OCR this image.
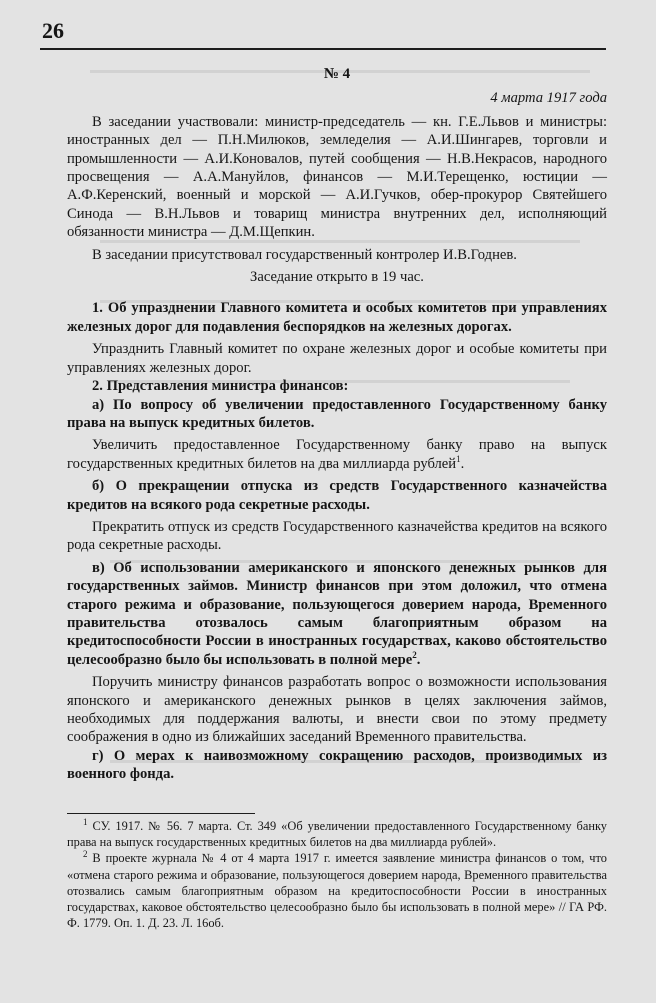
26

№ 4

4 марта 1917 года

В заседании участвовали: министр-председатель — кн. Г.Е.Львов и министры: иностранных дел — П.Н.Милюков, земледелия — А.И.Шингарев, торговли и промышленности — А.И.Коновалов, путей сообщения — Н.В.Некрасов, народного просвещения — А.А.Мануйлов, финансов — М.И.Терещенко, юстиции — А.Ф.Керенский, военный и морской — А.И.Гучков, обер-прокурор Святейшего Синода — В.Н.Львов и товарищ министра внутренних дел, исполняющий обязанности министра — Д.М.Щепкин.

В заседании присутствовал государственный контролер И.В.Годнев.

Заседание открыто в 19 час.

1. Об упразднении Главного комитета и особых комитетов при управлениях железных дорог для подавления беспорядков на железных дорогах.

Упразднить Главный комитет по охране железных дорог и особые комитеты при управлениях железных дорог.

2. Представления министра финансов:

а) По вопросу об увеличении предоставленного Государственному банку права на выпуск кредитных билетов.

Увеличить предоставленное Государственному банку право на выпуск государственных кредитных билетов на два миллиарда рублей$^1$.

б) О прекращении отпуска из средств Государственного казначейства кредитов на всякого рода секретные расходы.

Прекратить отпуск из средств Государственного казначейства кредитов на всякого рода секретные расходы.

в) Об использовании американского и японского денежных рынков для государственных займов. Министр финансов при этом доложил, что отмена старого режима и образование, пользующегося доверием народа, Временного правительства отозвалось самым благоприятным образом на кредитоспособности России в иностранных государствах, каково обстоятельство целесообразно было бы использовать в полной мере$^2$.

Поручить министру финансов разработать вопрос о возможности использования японского и американского денежных рынков в целях заключения займов, необходимых для поддержания валюты, и внести свои по этому предмету соображения в одно из ближайших заседаний Временного правительства.

г) О мерах к наивозможному сокращению расходов, производимых из военного фонда.

$^1$ СУ. 1917. № 56. 7 марта. Ст. 349 «Об увеличении предоставленного Государственному банку права на выпуск государственных кредитных билетов на два миллиарда рублей».

$^2$ В проекте журнала № 4 от 4 марта 1917 г. имеется заявление министра финансов о том, что «отмена старого режима и образование, пользующегося доверием народа, Временного правительства отозвались самым благоприятным образом на кредитоспособности России в иностранных государствах, каковое обстоятельство целесообразно было бы использовать в полной мере» // ГА РФ. Ф. 1779. Оп. 1. Д. 23. Л. 16об.
